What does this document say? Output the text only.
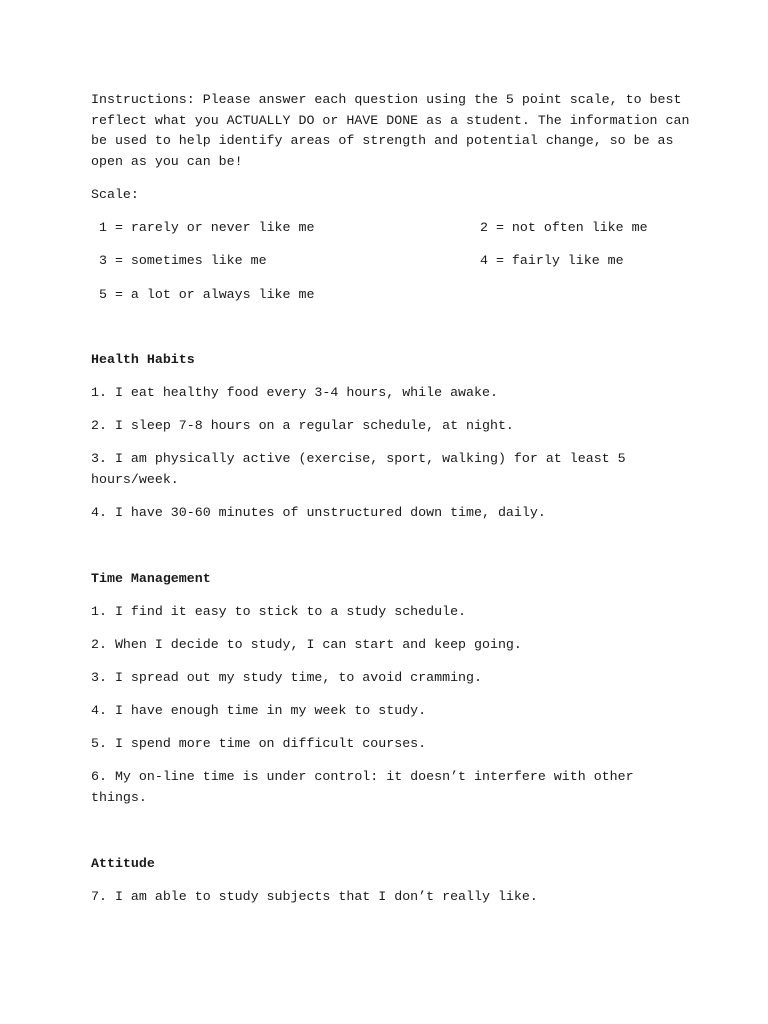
Instructions: Please answer each question using the 5 point scale, to best reflect what you ACTUALLY DO or HAVE DONE as a student. The information can be used to help identify areas of strength and potential change, so be as open as you can be!

Scale:

1 = rarely or never like me	2 = not often like me

3 = sometimes like me	4 = fairly like me

5 = a lot or always like me

Health Habits

1. I eat healthy food every 3-4 hours, while awake.

2. I sleep 7-8 hours on a regular schedule, at night.

3. I am physically active (exercise, sport, walking) for at least 5 hours/week.

4. I have 30-60 minutes of unstructured down time, daily.

Time Management

1. I find it easy to stick to a study schedule.

2. When I decide to study, I can start and keep going.

3. I spread out my study time, to avoid cramming.

4. I have enough time in my week to study.

5. I spend more time on difficult courses.

6. My on-line time is under control: it doesn’t interfere with other things.

Attitude

7. I am able to study subjects that I don’t really like.
